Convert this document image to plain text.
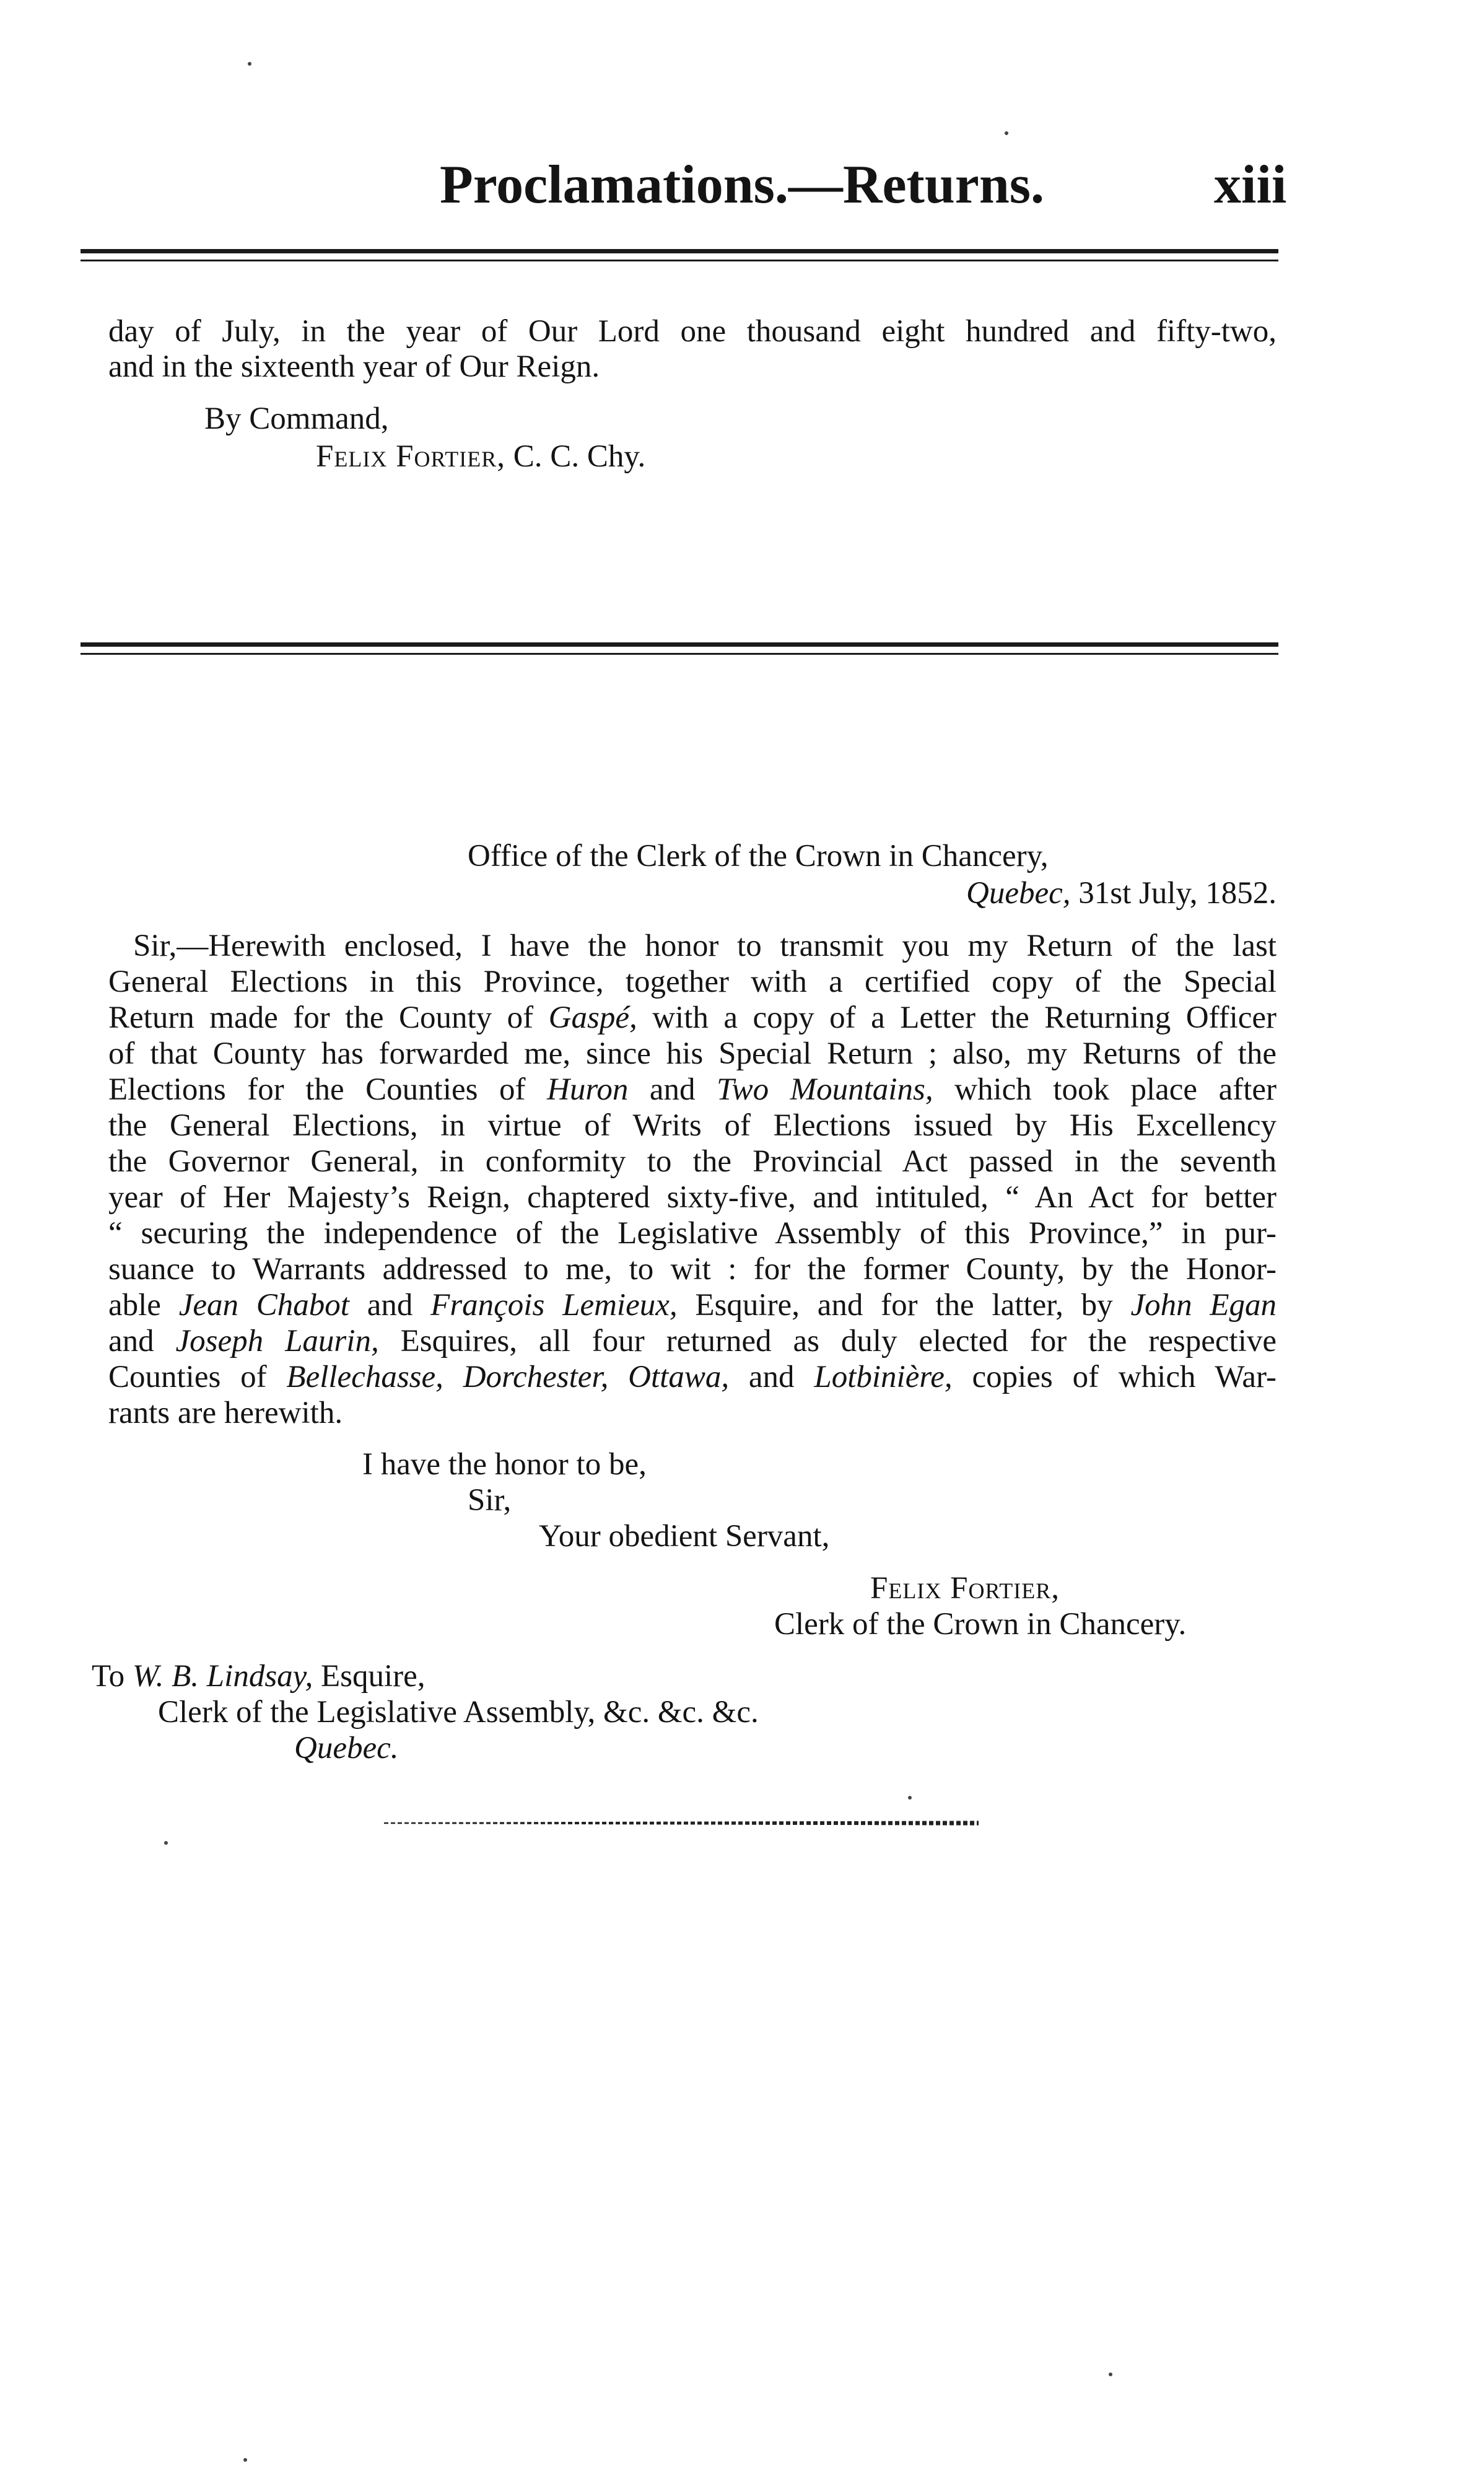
Proclamations.—Returns.	xiii
day of July, in the year of Our Lord one thousand eight hundred and fifty-two,
and in the sixteenth year of Our Reign.
By Command,
Felix Fortier, C. C. Chy.
Office of the Clerk of the Crown in Chancery,
Quebec, 31st July, 1852.
Sir,—Herewith enclosed, I have the honor to transmit you my Return of the last
General Elections in this Province, together with a certified copy of the Special
Return made for the County of Gaspé, with a copy of a Letter the Returning Officer
of that County has forwarded me, since his Special Return ; also, my Returns of the
Elections for the Counties of Huron and Two Mountains, which took place after
the General Elections, in virtue of Writs of Elections issued by His Excellency
the Governor General, in conformity to the Provincial Act passed in the seventh
year of Her Majesty’s Reign, chaptered sixty-five, and intituled, “ An Act for better
“ securing the independence of the Legislative Assembly of this Province,” in pur-
suance to Warrants addressed to me, to wit : for the former County, by the Honor-
able Jean Chabot and François Lemieux, Esquire, and for the latter, by John Egan
and Joseph Laurin, Esquires, all four returned as duly elected for the respective
Counties of Bellechasse, Dorchester, Ottawa, and Lotbinière, copies of which War-
rants are herewith.
I have the honor to be,
Sir,
Your obedient Servant,
Felix Fortier,
Clerk of the Crown in Chancery.
To W. B. Lindsay, Esquire,
Clerk of the Legislative Assembly, &c. &c. &c.
Quebec.
